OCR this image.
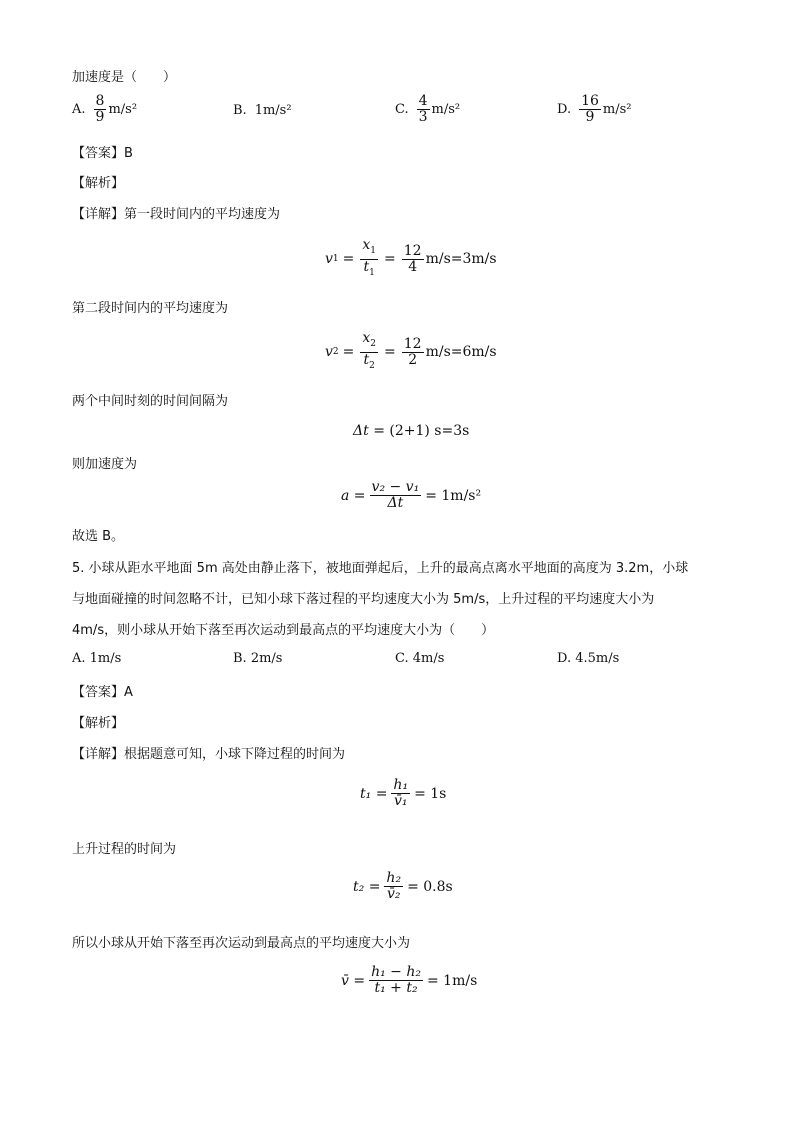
加速度是（　　）
A. $\frac{8}{9} m/s^2$	B. 1m/s²	C. $\frac{4}{3} m/s^2$	D. $\frac{16}{9} m/s^2$
【答案】B
【解析】
【详解】第一段时间内的平均速度为
v $1 = \frac{x_1}{t_1} = \frac{12}{4} m/s=3m/s$
第二段时间内的平均速度为
v $2 = \frac{x_2}{t_2} = \frac{12}{2} m/s=6m/s$
两个中间时刻的时间间隔为
Δt = (2+1) s=3s
则加速度为
$a = \frac{\text{v₂ − v₁}}{\Delta t} = 1m/s^2$
故选 B。
5. 小球从距水平地面 5m 高处由静止落下，被地面弹起后，上升的最高点离水平地面的高度为 3.2m，小球
与地面碰撞的时间忽略不计，已知小球下落过程的平均速度大小为 5m/s，上升过程的平均速度大小为
4m/s，则小球从开始下落至再次运动到最高点的平均速度大小为（　　）
A. 1m/s	B. 2m/s	C. 4m/s	D. 4.5m/s
【答案】A
【解析】
【详解】根据题意可知，小球下降过程的时间为
$t_1 = \frac{\text{h₁}}{\text{v̄₁}} = 1s$
上升过程的时间为
$t_2 = \frac{\text{h₂}}{\text{v̄₂}} = 0.8s$
所以小球从开始下落至再次运动到最高点的平均速度大小为
v̄ = $\frac{\text{h₁ − h₂}}{\text{t₁ + t₂}} = 1m/s$
